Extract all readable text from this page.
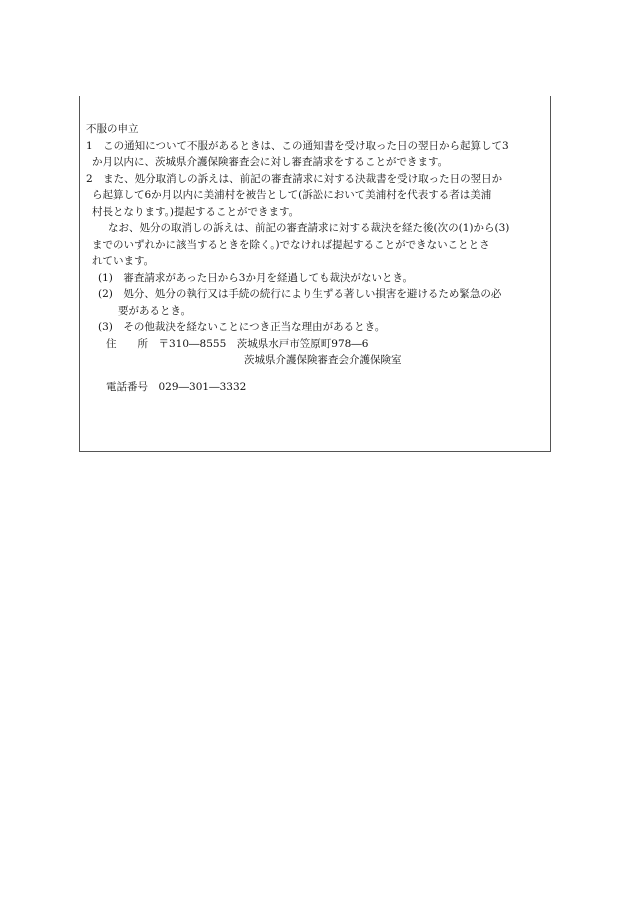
不服の申立
1　この通知について不服があるときは、この通知書を受け取った日の翌日から起算して3
か月以内に、茨城県介護保険審査会に対し審査請求をすることができます。
2　また、処分取消しの訴えは、前記の審査請求に対する決裁書を受け取った日の翌日か
ら起算して6か月以内に美浦村を被告として(訴訟において美浦村を代表する者は美浦
村長となります。)提起することができます。
なお、処分の取消しの訴えは、前記の審査請求に対する裁決を経た後(次の(1)から(3)
までのいずれかに該当するときを除く。)でなければ提起することができないこととさ
れています。
(1)　審査請求があった日から3か月を経過しても裁決がないとき。
(2)　処分、処分の執行又は手続の続行により生ずる著しい損害を避けるため緊急の必
要があるとき。
(3)　その他裁決を経ないことにつき正当な理由があるとき。
住　　所　〒310―8555　茨城県水戸市笠原町978―6
茨城県介護保険審査会介護保険室
電話番号　029―301―3332
